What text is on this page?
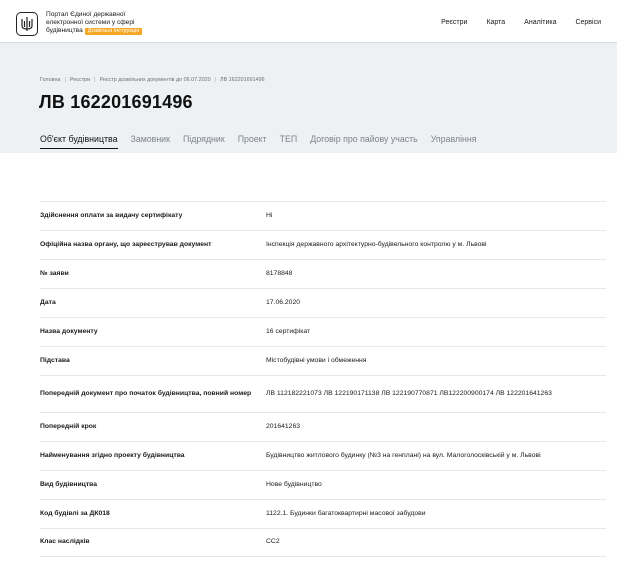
Портал Єдиної державної
електронної системи у сфері
будівництва Дозвільні Інструкція
Реєстри	Карта	Аналітика	Сервіси
Головна | Реєстри | Реєстр дозвільних документів до 06.07.2020 | ЛВ 162201691496
ЛВ 162201691496
Об'єкт будівництва Замовник Підрядник Проект ТЕП Договір про пайову участь Управління
Здійснення оплати за видачу сертифікату	Ні
Офіційна назва органу, що зареєстрував документ	Інспекція державного архітектурно-будівельного контролю у м. Львові
№ заяви	8178848
Дата	17.06.2020
Назва документу	16 сертифікат
Підстава	Містобудівні умови і обмеження
Попередній документ про початок будівництва, повний номер	ЛВ 112182221073 ЛВ 122190171138 ЛВ 122190770871 ЛВ122200900174 ЛВ 122201641263
Попередній крок	201641263
Найменування згідно проекту будівництва	Будівництво житлового будинку (№3 на генплані) на вул. Малоголосківській у м. Львові
Вид будівництва	Нове будівництво
Код будівлі за ДК018	1122.1. Будинки багатоквартирні масової забудови
Клас наслідків	СС2
